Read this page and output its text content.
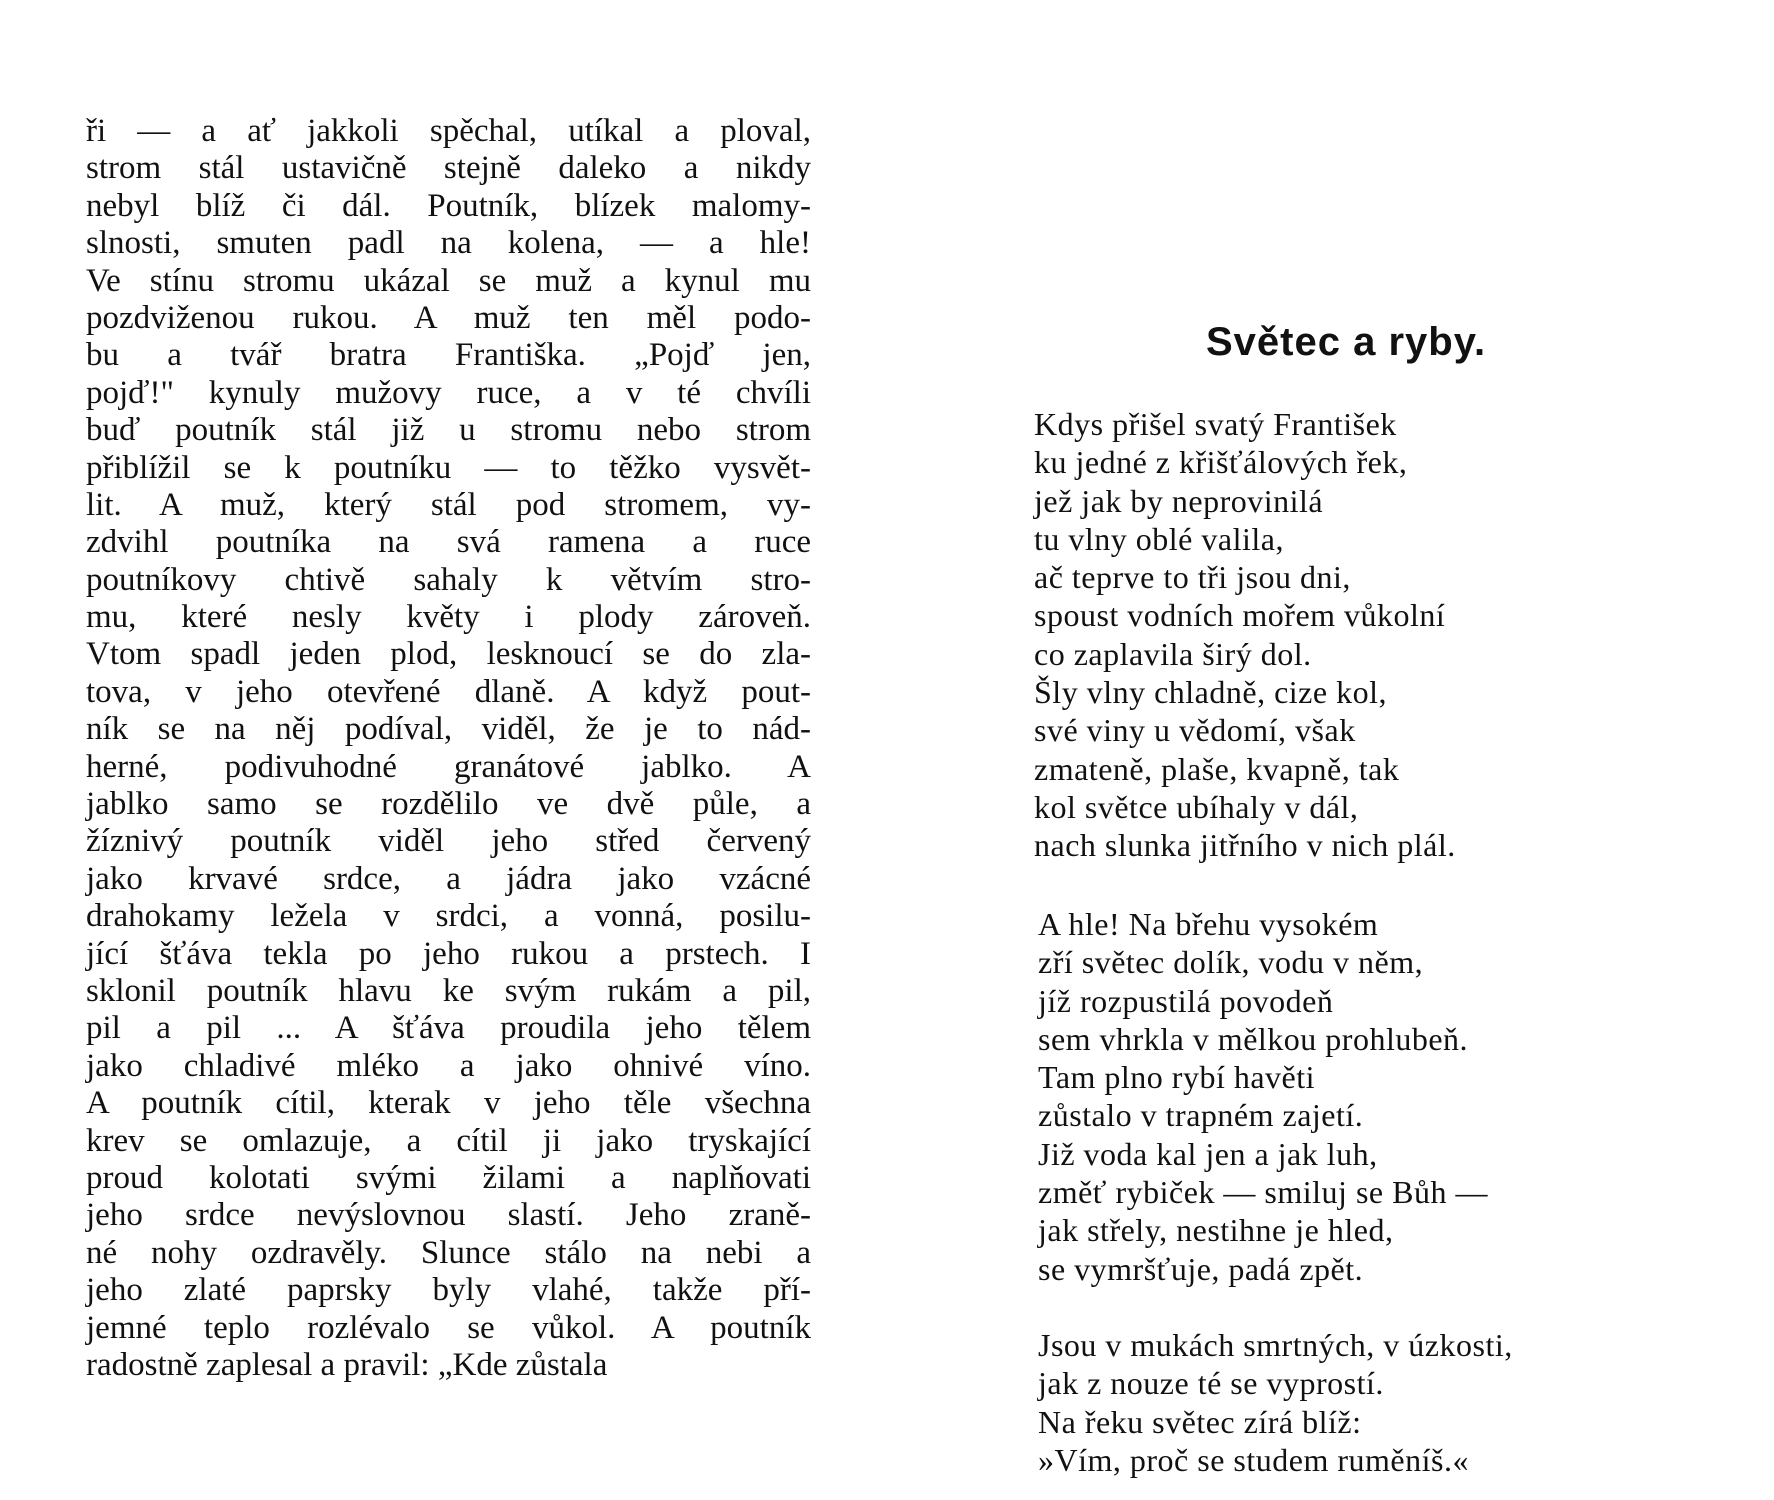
ři — a ať jakkoli spěchal, utíkal a ploval,
strom stál ustavičně stejně daleko a nikdy
nebyl blíž či dál. Poutník, blízek malomy-
slnosti, smuten padl na kolena, — a hle!
Ve stínu stromu ukázal se muž a kynul mu
pozdviženou rukou. A muž ten měl podo-
bu a tvář bratra Františka. „Pojď jen,
pojď!" kynuly mužovy ruce, a v té chvíli
buď poutník stál již u stromu nebo strom
přiblížil se k poutníku — to těžko vysvět-
lit. A muž, který stál pod stromem, vy-
zdvihl poutníka na svá ramena a ruce
poutníkovy chtivě sahaly k větvím stro-
mu, které nesly květy i plody zároveň.
Vtom spadl jeden plod, lesknoucí se do zla-
tova, v jeho otevřené dlaně. A když pout-
ník se na něj podíval, viděl, že je to nád-
herné, podivuhodné granátové jablko. A
jablko samo se rozdělilo ve dvě půle, a
žíznivý poutník viděl jeho střed červený
jako krvavé srdce, a jádra jako vzácné
drahokamy ležela v srdci, a vonná, posilu-
jící šťáva tekla po jeho rukou a prstech. I
sklonil poutník hlavu ke svým rukám a pil,
pil a pil ... A šťáva proudila jeho tělem
jako chladivé mléko a jako ohnivé víno.
A poutník cítil, kterak v jeho těle všechna
krev se omlazuje, a cítil ji jako tryskající
proud kolotati svými žilami a naplňovati
jeho srdce nevýslovnou slastí. Jeho zraně-
né nohy ozdravěly. Slunce stálo na nebi a
jeho zlaté paprsky byly vlahé, takže pří-
jemné teplo rozlévalo se vůkol. A poutník
radostně zaplesal a pravil: „Kde zůstala
Světec a ryby.
Kdys přišel svatý František
ku jedné z křišťálových řek,
jež jak by neprovinilá
tu vlny oblé valila,
ač teprve to tři jsou dni,
spoust vodních mořem vůkolní
co zaplavila širý dol.
Šly vlny chladně, cize kol,
své viny u vědomí, však
zmateně, plaše, kvapně, tak
kol světce ubíhaly v dál,
nach slunka jitřního v nich plál.
A hle! Na břehu vysokém
zří světec dolík, vodu v něm,
jíž rozpustilá povodeň
sem vhrkla v mělkou prohlubeň.
Tam plno rybí havěti
zůstalo v trapném zajetí.
Již voda kal jen a jak luh,
změť rybiček — smiluj se Bůh —
jak střely, nestihne je hled,
se vymršťuje, padá zpět.
Jsou v mukách smrtných, v úzkosti,
jak z nouze té se vyprostí.
Na řeku světec zírá blíž:
»Vím, proč se studem ruměníš.«
